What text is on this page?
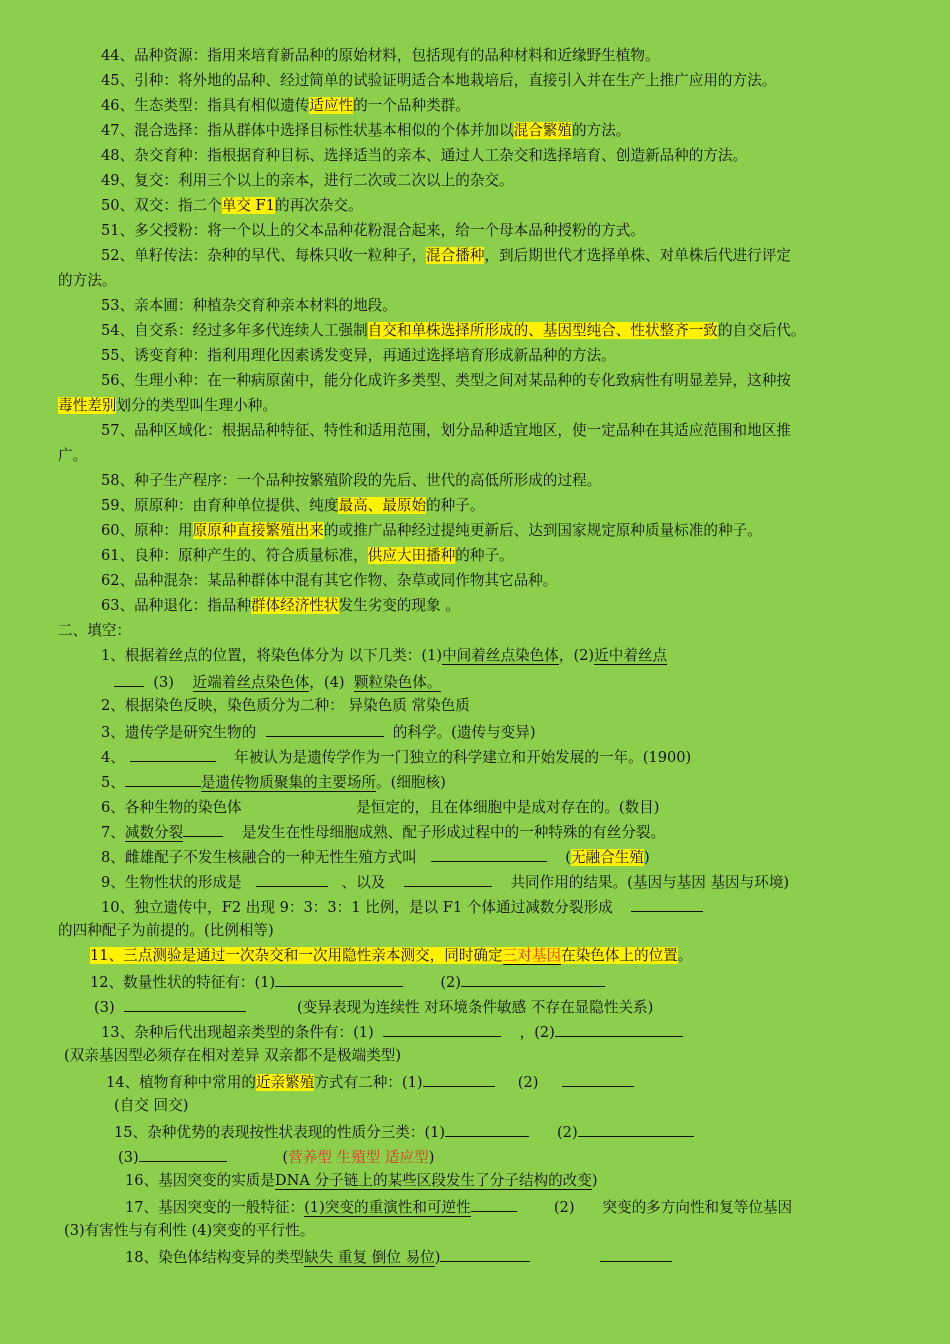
44、品种资源：指用来培育新品种的原始材料，包括现有的品种材料和近缘野生植物。
45、引种：将外地的品种、经过简单的试验证明适合本地栽培后，直接引入并在生产上推广应用的方法。
46、生态类型：指具有相似遗传适应性的一个品种类群。
47、混合选择：指从群体中选择目标性状基本相似的个体并加以混合繁殖的方法。
48、杂交育种：指根据育种目标、选择适当的亲本、通过人工杂交和选择培育、创造新品种的方法。
49、复交：利用三个以上的亲本，进行二次或二次以上的杂交。
50、双交：指二个单交 F1的再次杂交。
51、多父授粉：将一个以上的父本品种花粉混合起来，给一个母本品种授粉的方式。
52、单籽传法：杂种的早代、每株只收一粒种子，混合播种，到后期世代才选择单株、对单株后代进行评定
的方法。
53、亲本圃：种植杂交育种亲本材料的地段。
54、自交系：经过多年多代连续人工强制自交和单株选择所形成的、基因型纯合、性状整齐一致的自交后代。
55、诱变育种：指利用理化因素诱发变异，再通过选择培育形成新品种的方法。
56、生理小种：在一种病原菌中，能分化成许多类型、类型之间对某品种的专化致病性有明显差异，这种按
毒性差别划分的类型叫生理小种。
57、品种区域化：根据品种特征、特性和适用范围，划分品种适宜地区，使一定品种在其适应范围和地区推
广。
58、种子生产程序：一个品种按繁殖阶段的先后、世代的高低所形成的过程。
59、原原种：由育种单位提供、纯度最高、最原始的种子。
60、原种：用原原种直接繁殖出来的或推广品种经过提纯更新后、达到国家规定原种质量标准的种子。
61、良种：原种产生的、符合质量标准，供应大田播种的种子。
62、品种混杂：某品种群体中混有其它作物、杂草或同作物其它品种。
63、品种退化：指品种群体经济性状发生劣变的现象 。
二、填空：
1、根据着丝点的位置，将染色体分为 以下几类：(1)中间着丝点染色体，(2)近中着丝点
(3) 近端着丝点染色体，(4)  颗粒染色体。
2、根据染色反映，染色质分为二种： 异染色质 常染色质
3、遗传学是研究生物的	的科学。(遗传与变异)
4、	年被认为是遗传学作为一门独立的科学建立和开始发展的一年。(1900)
5、	是遗传物质聚集的主要场所。(细胞核)
6、各种生物的染色体	是恒定的，且在体细胞中是成对存在的。(数目)
7、减数分裂	是发生在性母细胞成熟、配子形成过程中的一种特殊的有丝分裂。
8、雌雄配子不发生核融合的一种无性生殖方式叫	(无融合生殖)
9、生物性状的形成是	、以及	共同作用的结果。(基因与基因 基因与环境)
10、独立遗传中，F2 出现 9：3：3：1 比例，是以 F1 个体通过减数分裂形成
的四种配子为前提的。(比例相等)
11、三点测验是通过一次杂交和一次用隐性亲本测交，同时确定三对基因在染色体上的位置。
12、数量性状的特征有：(1)	(2)
(3)	(变异表现为连续性 对环境条件敏感 不存在显隐性关系)
13、杂种后代出现超亲类型的条件有：(1)	，(2)
(双亲基因型必须存在相对差异 双亲都不是极端类型)
14、植物育种中常用的近亲繁殖方式有二种：(1)	(2)
(自交 回交)
15、杂种优势的表现按性状表现的性质分三类：(1)	(2)
(3)	(营养型 生殖型 适应型)
16、基因突变的实质是DNA 分子链上的某些区段发生了分子结构的改变)
17、基因突变的一般特征：(1)突变的重演性和可逆性	(2) 突变的多方向性和复等位基因
(3)有害性与有利性 (4)突变的平行性。
18、染色体结构变异的类型缺失 重复 倒位 易位)
